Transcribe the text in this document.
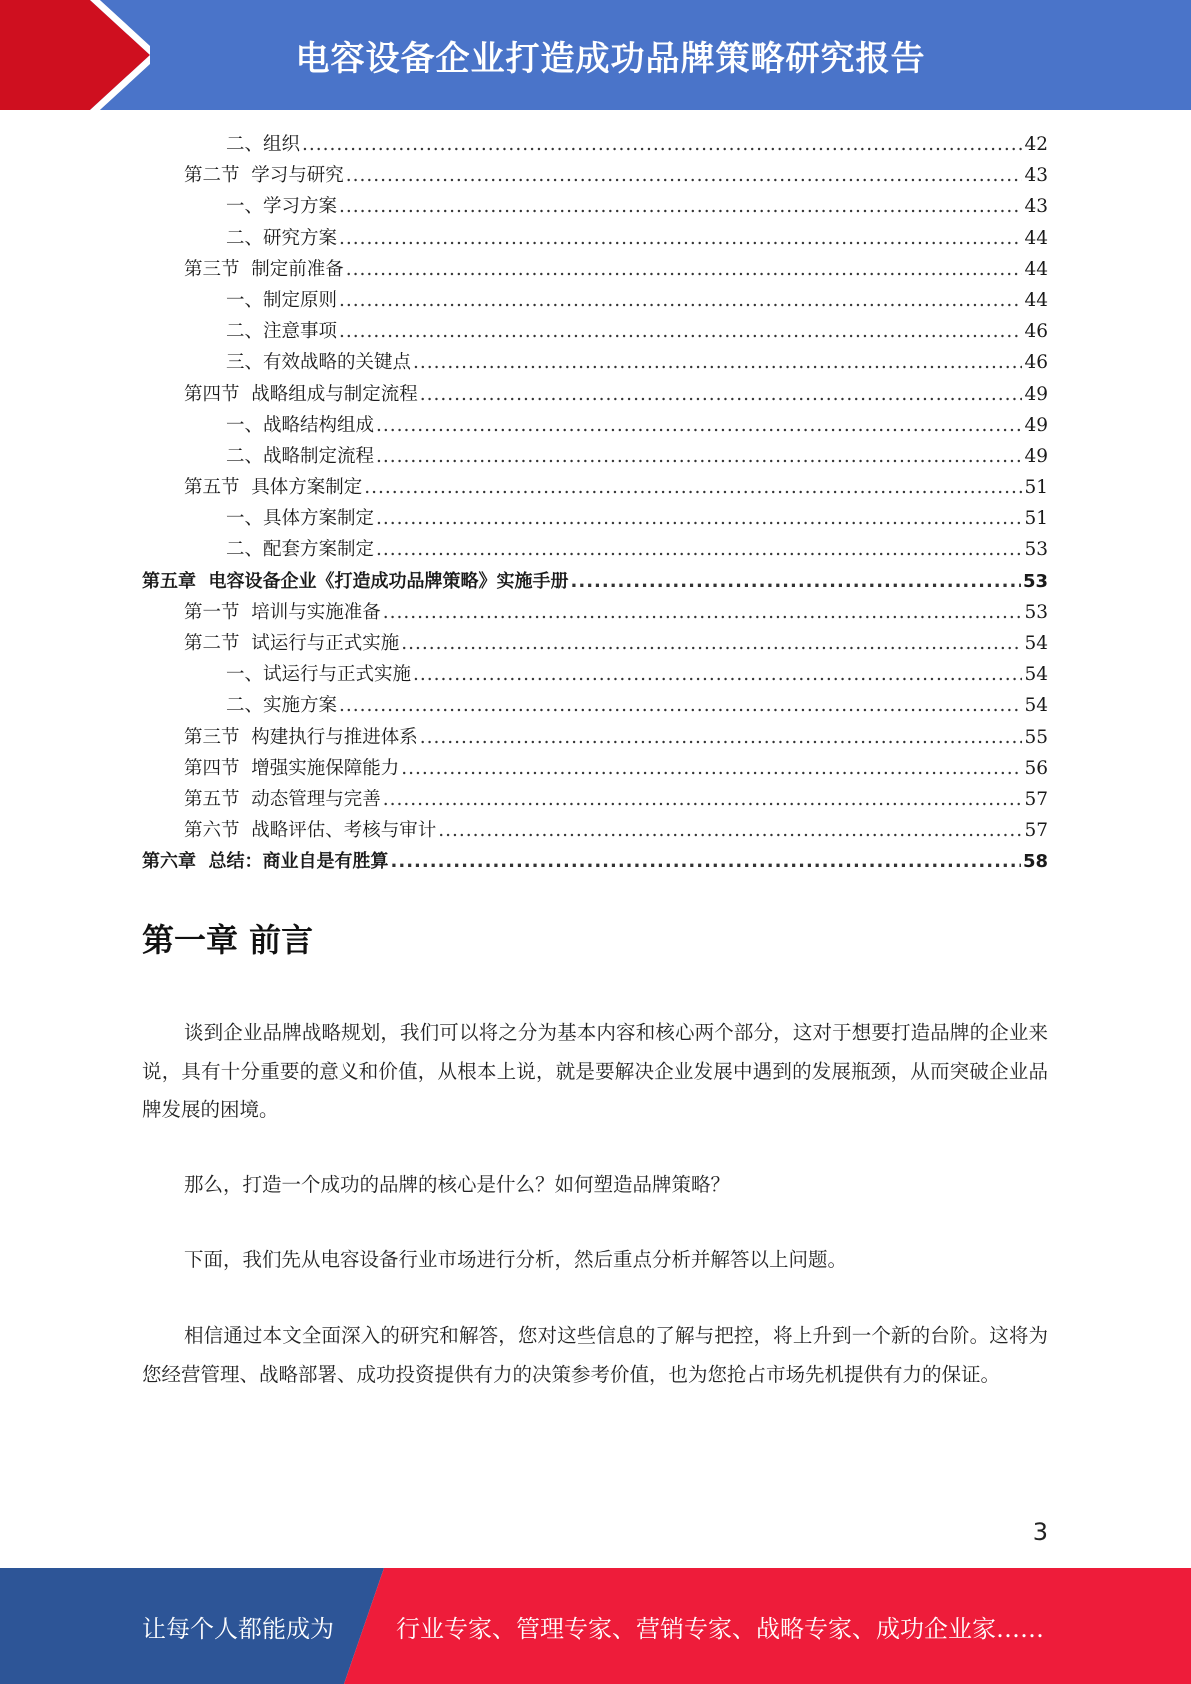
电容设备企业打造成功品牌策略研究报告
二、组织 .....	42
第二节  学习与研究 .....	43
一、学习方案 .....	43
二、研究方案 .....	44
第三节  制定前准备 .....	44
一、制定原则 .....	44
二、注意事项 .....	46
三、有效战略的关键点 .....	46
第四节  战略组成与制定流程 .....	49
一、战略结构组成 .....	49
二、战略制定流程 .....	49
第五节  具体方案制定 .....	51
一、具体方案制定 .....	51
二、配套方案制定 .....	53
第五章  电容设备企业《打造成功品牌策略》实施手册 .....	53
第一节  培训与实施准备 .....	53
第二节  试运行与正式实施 .....	54
一、试运行与正式实施 .....	54
二、实施方案 .....	54
第三节  构建执行与推进体系 .....	55
第四节  增强实施保障能力 .....	56
第五节  动态管理与完善 .....	57
第六节  战略评估、考核与审计 .....	57
第六章  总结：商业自是有胜算 .....	58
第一章 前言

谈到企业品牌战略规划，我们可以将之分为基本内容和核心两个部分，这对于想要打造品牌的企业来说，具有十分重要的意义和价值，从根本上说，就是要解决企业发展中遇到的发展瓶颈，从而突破企业品牌发展的困境。

那么，打造一个成功的品牌的核心是什么？如何塑造品牌策略？

下面，我们先从电容设备行业市场进行分析，然后重点分析并解答以上问题。

相信通过本文全面深入的研究和解答，您对这些信息的了解与把控，将上升到一个新的台阶。这将为您经营管理、战略部署、成功投资提供有力的决策参考价值，也为您抢占市场先机提供有力的保证。

3
让每个人都能成为	行业专家、管理专家、营销专家、战略专家、成功企业家……
